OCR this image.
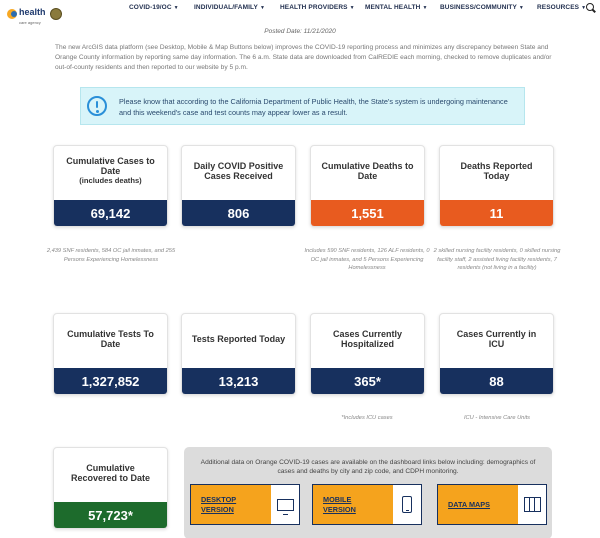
health
care agency
COVID-19/OC ▼ INDIVIDUAL/FAMILY ▼ HEALTH PROVIDERS ▼ MENTAL HEALTH ▼ BUSINESS/COMMUNITY ▼ RESOURCES ▼
Posted Date: 11/21/2020
The new ArcGIS data platform (see Desktop, Mobile & Map Buttons below) improves the COVID-19 reporting process and minimizes any discrepancy between State and Orange County information by reporting same day information. The 6 a.m. State data are downloaded from CalREDIE each morning, checked to remove duplicates and/or out-of-county residents and then reported to our website by 5 p.m.
Please know that according to the California Department of Public Health, the State's system is undergoing maintenance and this weekend's case and test counts may appear lower as a result.
Cumulative Cases to Date
(includes deaths)
69,142
Daily COVID Positive Cases Received
806
Cumulative Deaths to Date
1,551
Deaths Reported Today
11
2,439 SNF residents, 584 OC jail inmates, and 255 Persons Experiencing Homelessness
Includes 590 SNF residents, 126 ALF residents, 0 OC jail inmates, and 5 Persons Experiencing Homelessness
2 skilled nursing facility residents, 0 skilled nursing facility staff, 2 assisted living facility residents, 7 residents (not living in a facility)
Cumulative Tests To Date
1,327,852
Tests Reported Today
13,213
Cases Currently Hospitalized
365*
Cases Currently in ICU
88
*Includes ICU cases	ICU - Intensive Care Units
Cumulative Recovered to Date
57,723*
Additional data on Orange COVID-19 cases are available on the dashboard links below including: demographics of cases and deaths by city and zip code, and CDPH monitoring.
DESKTOP VERSION
MOBILE VERSION
DATA MAPS
